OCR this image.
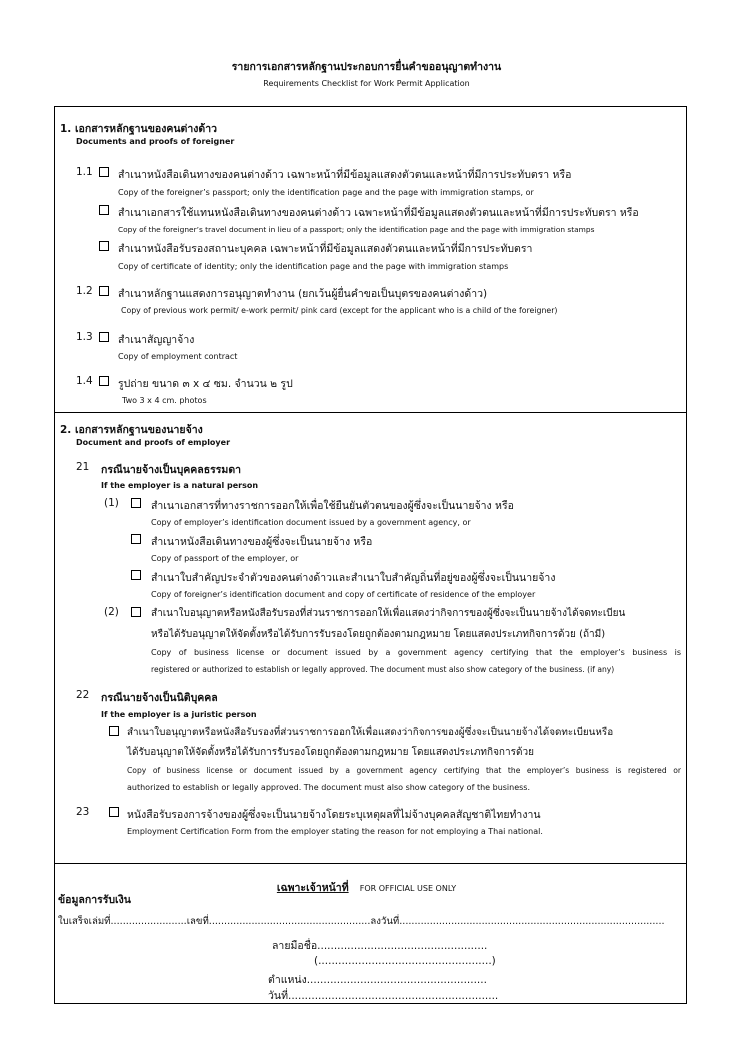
รายการเอกสารหลักฐานประกอบการยื่นคำขออนุญาตทำงาน
Requirements Checklist for Work Permit Application
1. เอกสารหลักฐานของคนต่างด้าว
Documents and proofs of foreigner
1.1 สำเนาหนังสือเดินทางของคนต่างด้าว เฉพาะหน้าที่มีข้อมูลแสดงตัวตนและหน้าที่มีการประทับตรา หรือ
Copy of the foreigner’s passport; only the identification page and the page with immigration stamps, or
สำเนาเอกสารใช้แทนหนังสือเดินทางของคนต่างด้าว เฉพาะหน้าที่มีข้อมูลแสดงตัวตนและหน้าที่มีการประทับตรา หรือ
Copy of the foreigner’s travel document in lieu of a passport; only the identification page and the page with immigration stamps
สำเนาหนังสือรับรองสถานะบุคคล เฉพาะหน้าที่มีข้อมูลแสดงตัวตนและหน้าที่มีการประทับตรา
Copy of certificate of identity; only the identification page and the page with immigration stamps
1.2 สำเนาหลักฐานแสดงการอนุญาตทำงาน (ยกเว้นผู้ยื่นคำขอเป็นบุตรของคนต่างด้าว)
Copy of previous work permit/ e-work permit/ pink card (except for the applicant who is a child of the foreigner)
1.3 สำเนาสัญญาจ้าง
Copy of employment contract
1.4 รูปถ่าย ขนาด ๓ x ๔ ซม. จำนวน ๒ รูป
Two 3 x 4 cm. photos
2. เอกสารหลักฐานของนายจ้าง
Document and proofs of employer
21 กรณีนายจ้างเป็นบุคคลธรรมดา
If the employer is a natural person
(1)	สำเนาเอกสารที่ทางราชการออกให้เพื่อใช้ยืนยันตัวตนของผู้ซึ่งจะเป็นนายจ้าง หรือ
Copy of employer’s identification document issued by a government agency, or
สำเนาหนังสือเดินทางของผู้ซึ่งจะเป็นนายจ้าง หรือ
Copy of passport of the employer, or
สำเนาใบสำคัญประจำตัวของคนต่างด้าวและสำเนาใบสำคัญถิ่นที่อยู่ของผู้ซึ่งจะเป็นนายจ้าง
Copy of foreigner’s identification document and copy of certificate of residence of the employer
(2)	สำเนาใบอนุญาตหรือหนังสือรับรองที่ส่วนราชการออกให้เพื่อแสดงว่ากิจการของผู้ซึ่งจะเป็นนายจ้างได้จดทะเบียน
หรือได้รับอนุญาตให้จัดตั้งหรือได้รับการรับรองโดยถูกต้องตามกฎหมาย โดยแสดงประเภทกิจการด้วย (ถ้ามี)
Copy of business license or document issued by a government agency certifying that the employer’s business is
registered or authorized to establish or legally approved. The document must also show category of the business. (if any)
22 กรณีนายจ้างเป็นนิติบุคคล
If the employer is a juristic person
สำเนาใบอนุญาตหรือหนังสือรับรองที่ส่วนราชการออกให้เพื่อแสดงว่ากิจการของผู้ซึ่งจะเป็นนายจ้างได้จดทะเบียนหรือ
ได้รับอนุญาตให้จัดตั้งหรือได้รับการรับรองโดยถูกต้องตามกฎหมาย โดยแสดงประเภทกิจการด้วย
Copy of business license or document issued by a government agency certifying that the employer’s business is registered or
authorized to establish or legally approved. The document must also show category of the business.
23	หนังสือรับรองการจ้างของผู้ซึ่งจะเป็นนายจ้างโดยระบุเหตุผลที่ไม่จ้างบุคคลสัญชาติไทยทำงาน
Employment Certification Form from the employer stating the reason for not employing a Thai national.
เฉพาะเจ้าหน้าที่ FOR OFFICIAL USE ONLY
ข้อมูลการรับเงิน
ใบเสร็จเล่มที่.........................เลขที่.....................................................ลงวันที่.......................................................................................
ลายมือชื่อ...................................................
(....................................................)
ตำแหน่ง......................................................
วันที่...............................................................
